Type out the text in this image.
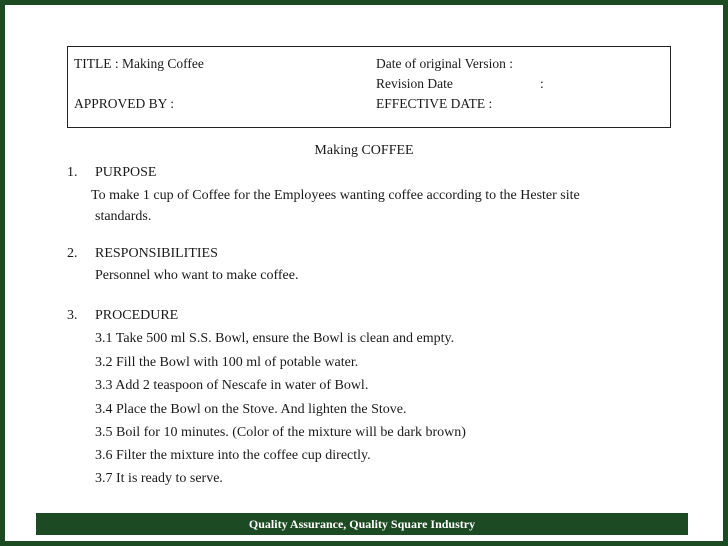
TITLE : Making Coffee
APPROVED BY :
Date of original Version :
Revision Date	:
EFFECTIVE DATE :
Making COFFEE
1. PURPOSE
To make 1 cup of Coffee for the Employees wanting coffee according to the Hester site
standards.
2. RESPONSIBILITIES
Personnel who want to make coffee.
3. PROCEDURE
3.1 Take 500 ml S.S. Bowl, ensure the Bowl is clean and empty.
3.2 Fill the Bowl with 100 ml of potable water.
3.3 Add 2 teaspoon of Nescafe in water of Bowl.
3.4 Place the Bowl on the Stove. And lighten the Stove.
3.5 Boil for 10 minutes. (Color of the mixture will be dark brown)
3.6 Filter the mixture into the coffee cup directly.
3.7 It is ready to serve.
Quality Assurance, Quality Square Industry
